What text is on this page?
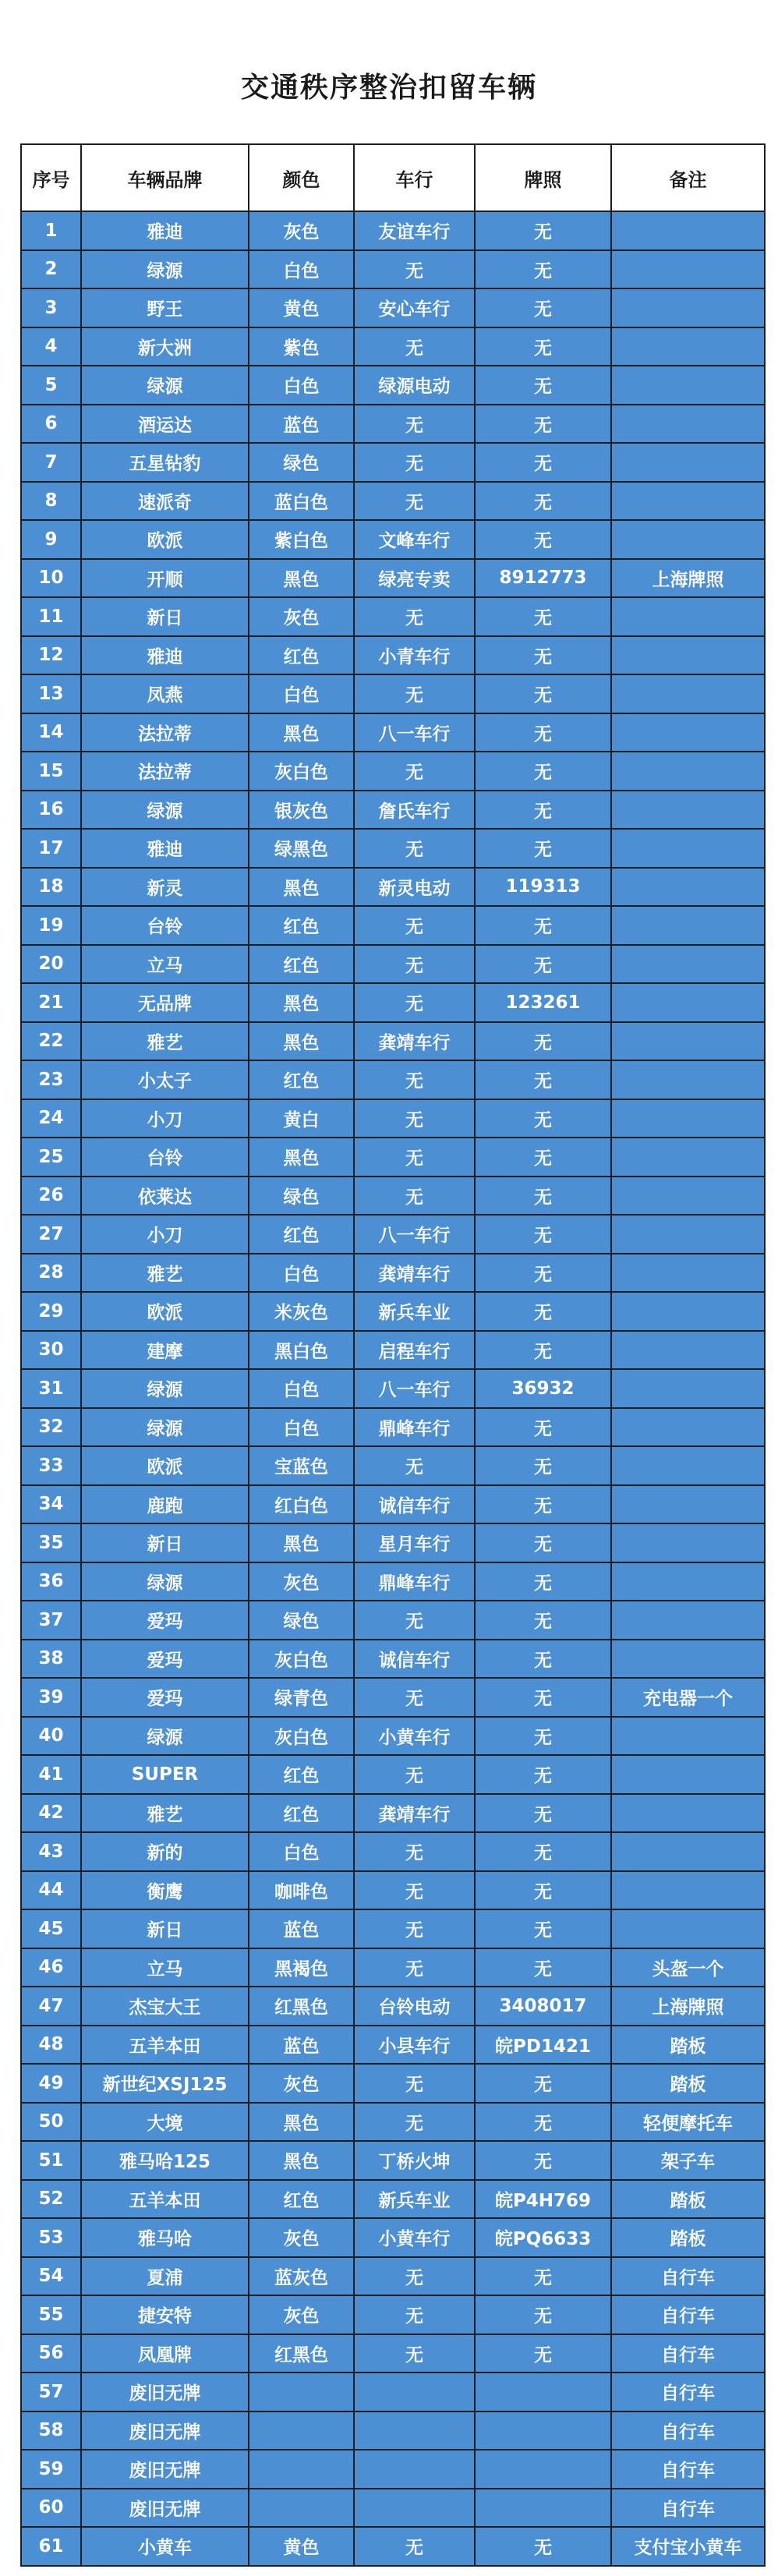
交通秩序整治扣留车辆
序号	车辆品牌	颜色	车行	牌照	备注
1	雅迪	灰色	友谊车行	无	
2	绿源	白色	无	无	
3	野王	黄色	安心车行	无	
4	新大洲	紫色	无	无	
5	绿源	白色	绿源电动	无	
6	酒运达	蓝色	无	无	
7	五星钻豹	绿色	无	无	
8	速派奇	蓝白色	无	无	
9	欧派	紫白色	文峰车行	无	
10	开顺	黑色	绿亮专卖	8912773	上海牌照
11	新日	灰色	无	无	
12	雅迪	红色	小青车行	无	
13	凤燕	白色	无	无	
14	法拉蒂	黑色	八一车行	无	
15	法拉蒂	灰白色	无	无	
16	绿源	银灰色	詹氏车行	无	
17	雅迪	绿黑色	无	无	
18	新灵	黑色	新灵电动	119313	
19	台铃	红色	无	无	
20	立马	红色	无	无	
21	无品牌	黑色	无	123261	
22	雅艺	黑色	龚靖车行	无	
23	小太子	红色	无	无	
24	小刀	黄白	无	无	
25	台铃	黑色	无	无	
26	依莱达	绿色	无	无	
27	小刀	红色	八一车行	无	
28	雅艺	白色	龚靖车行	无	
29	欧派	米灰色	新兵车业	无	
30	建摩	黑白色	启程车行	无	
31	绿源	白色	八一车行	36932	
32	绿源	白色	鼎峰车行	无	
33	欧派	宝蓝色	无	无	
34	鹿跑	红白色	诚信车行	无	
35	新日	黑色	星月车行	无	
36	绿源	灰色	鼎峰车行	无	
37	爱玛	绿色	无	无	
38	爱玛	灰白色	诚信车行	无	
39	爱玛	绿青色	无	无	充电器一个
40	绿源	灰白色	小黄车行	无	
41	SUPER	红色	无	无	
42	雅艺	红色	龚靖车行	无	
43	新的	白色	无	无	
44	衡鹰	咖啡色	无	无	
45	新日	蓝色	无	无	
46	立马	黑褐色	无	无	头盔一个
47	杰宝大王	红黑色	台铃电动	3408017	上海牌照
48	五羊本田	蓝色	小县车行	皖PD1421	踏板
49	新世纪XSJ125	灰色	无	无	踏板
50	大境	黑色	无	无	轻便摩托车
51	雅马哈125	黑色	丁桥火坤	无	架子车
52	五羊本田	红色	新兵车业	皖P4H769	踏板
53	雅马哈	灰色	小黄车行	皖PQ6633	踏板
54	夏浦	蓝灰色	无	无	自行车
55	捷安特	灰色	无	无	自行车
56	凤凰牌	红黑色	无	无	自行车
57	废旧无牌				自行车
58	废旧无牌				自行车
59	废旧无牌				自行车
60	废旧无牌				自行车
61	小黄车	黄色	无	无	支付宝小黄车
